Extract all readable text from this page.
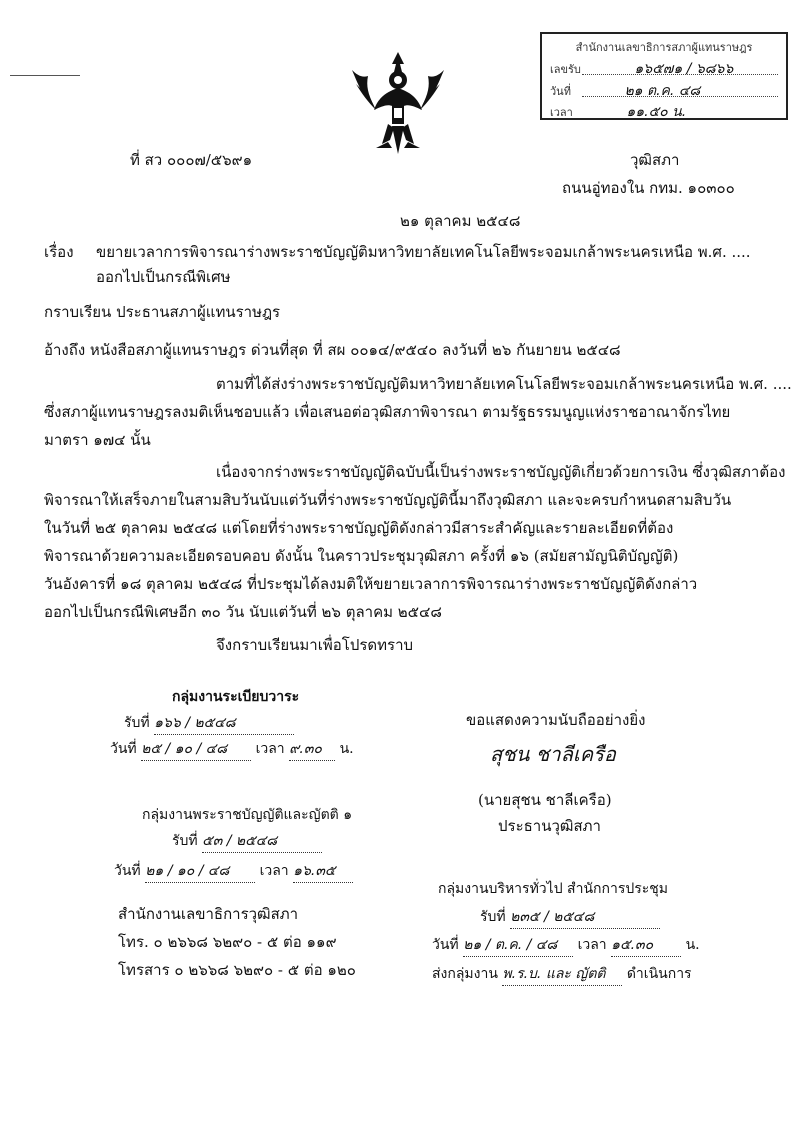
สำนักงานเลขาธิการสภาผู้แทนราษฎร
เลขรับ	๑๖๕๗๑ / ๖๘๖๖
วันที่	๒๑ ต.ค. ๔๘
เวลา	๑๑.๕๐ น.
ที่ สว ๐๐๐๗/๕๖๙๑	วุฒิสภา
ถนนอู่ทองใน กทม. ๑๐๓๐๐
๒๑ ตุลาคม ๒๕๔๘
เรื่อง ขยายเวลาการพิจารณาร่างพระราชบัญญัติมหาวิทยาลัยเทคโนโลยีพระจอมเกล้าพระนครเหนือ พ.ศ. ....
ออกไปเป็นกรณีพิเศษ
กราบเรียน ประธานสภาผู้แทนราษฎร
อ้างถึง หนังสือสภาผู้แทนราษฎร ด่วนที่สุด ที่ สผ ๐๐๑๔/๙๕๔๐ ลงวันที่ ๒๖ กันยายน ๒๕๔๘
ตามที่ได้ส่งร่างพระราชบัญญัติมหาวิทยาลัยเทคโนโลยีพระจอมเกล้าพระนครเหนือ พ.ศ. ....
ซึ่งสภาผู้แทนราษฎรลงมติเห็นชอบแล้ว เพื่อเสนอต่อวุฒิสภาพิจารณา ตามรัฐธรรมนูญแห่งราชอาณาจักรไทย
มาตรา ๑๗๔ นั้น
เนื่องจากร่างพระราชบัญญัติฉบับนี้เป็นร่างพระราชบัญญัติเกี่ยวด้วยการเงิน ซึ่งวุฒิสภาต้อง
พิจารณาให้เสร็จภายในสามสิบวันนับแต่วันที่ร่างพระราชบัญญัตินี้มาถึงวุฒิสภา และจะครบกำหนดสามสิบวัน
ในวันที่ ๒๕ ตุลาคม ๒๕๔๘ แต่โดยที่ร่างพระราชบัญญัติดังกล่าวมีสาระสำคัญและรายละเอียดที่ต้อง
พิจารณาด้วยความละเอียดรอบคอบ ดังนั้น ในคราวประชุมวุฒิสภา ครั้งที่ ๑๖ (สมัยสามัญนิติบัญญัติ)
วันอังคารที่ ๑๘ ตุลาคม ๒๕๔๘ ที่ประชุมได้ลงมติให้ขยายเวลาการพิจารณาร่างพระราชบัญญัติดังกล่าว
ออกไปเป็นกรณีพิเศษอีก ๓๐ วัน นับแต่วันที่ ๒๖ ตุลาคม ๒๕๔๘
จึงกราบเรียนมาเพื่อโปรดทราบ
กลุ่มงานระเบียบวาระ
รับที่ ๑๖๖ / ๒๕๔๘
วันที่ ๒๕ / ๑๐ / ๔๘ เวลา ๙.๓๐ น.
ขอแสดงความนับถืออย่างยิ่ง
สุชน ชาลีเครือ
(นายสุชน ชาลีเครือ)
ประธานวุฒิสภา
กลุ่มงานพระราชบัญญัติและญัตติ ๑
รับที่ ๕๓ / ๒๕๔๘
วันที่ ๒๑ / ๑๐ / ๔๘ เวลา ๑๖.๓๕
กลุ่มงานบริหารทั่วไป สำนักการประชุม
รับที่ ๒๓๕ / ๒๕๔๘
วันที่ ๒๑ / ต.ค. / ๔๘ เวลา ๑๕.๓๐ น.
ส่งกลุ่มงาน พ.ร.บ. และ ญัตติ ดำเนินการ
สำนักงานเลขาธิการวุฒิสภา
โทร. ๐ ๒๖๖๘ ๖๒๙๐ - ๕ ต่อ ๑๑๙
โทรสาร ๐ ๒๖๖๘ ๖๒๙๐ - ๕ ต่อ ๑๒๐
